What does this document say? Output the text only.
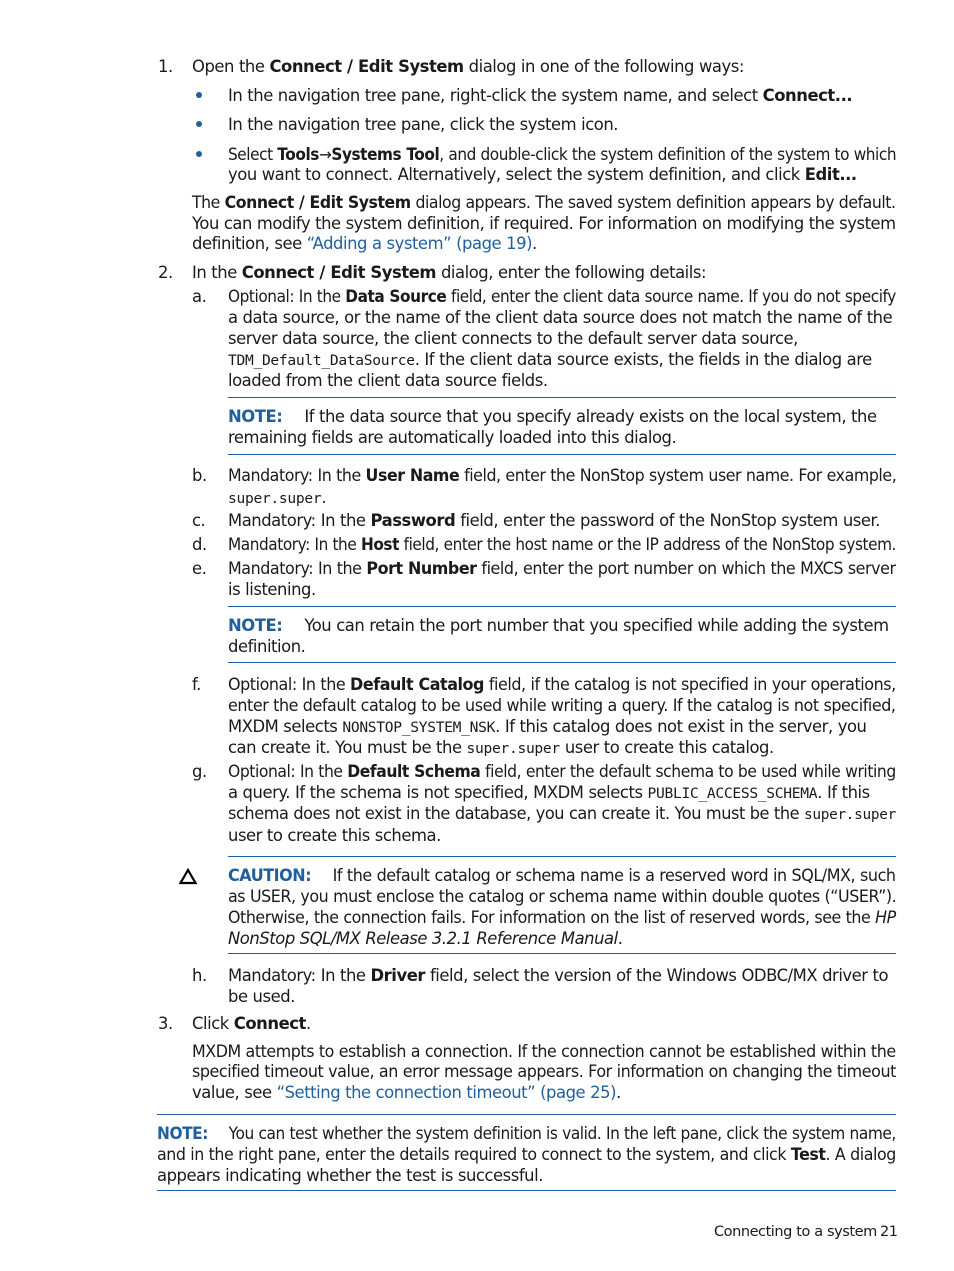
1. Open the Connect / Edit System dialog in one of the following ways:
In the navigation tree pane, right-click the system name, and select Connect...
In the navigation tree pane, click the system icon.
Select Tools→Systems Tool, and double-click the system definition of the system to which
you want to connect. Alternatively, select the system definition, and click Edit...
The Connect / Edit System dialog appears. The saved system definition appears by default.
You can modify the system definition, if required. For information on modifying the system
definition, see “Adding a system” (page 19).
2. In the Connect / Edit System dialog, enter the following details:
a. Optional: In the Data Source field, enter the client data source name. If you do not specify
a data source, or the name of the client data source does not match the name of the
server data source, the client connects to the default server data source,
TDM_Default_DataSource. If the client data source exists, the fields in the dialog are
loaded from the client data source fields.
NOTE: If the data source that you specify already exists on the local system, the
remaining fields are automatically loaded into this dialog.
b. Mandatory: In the User Name field, enter the NonStop system user name. For example,
super.super.
c. Mandatory: In the Password field, enter the password of the NonStop system user.
d. Mandatory: In the Host field, enter the host name or the IP address of the NonStop system.
e. Mandatory: In the Port Number field, enter the port number on which the MXCS server
is listening.
NOTE: You can retain the port number that you specified while adding the system
definition.
f. Optional: In the Default Catalog field, if the catalog is not specified in your operations,
enter the default catalog to be used while writing a query. If the catalog is not specified,
MXDM selects NONSTOP_SYSTEM_NSK. If this catalog does not exist in the server, you
can create it. You must be the super.super user to create this catalog.
g. Optional: In the Default Schema field, enter the default schema to be used while writing
a query. If the schema is not specified, MXDM selects PUBLIC_ACCESS_SCHEMA. If this
schema does not exist in the database, you can create it. You must be the super.super
user to create this schema.
CAUTION: If the default catalog or schema name is a reserved word in SQL/MX, such
as USER, you must enclose the catalog or schema name within double quotes (“USER”).
Otherwise, the connection fails. For information on the list of reserved words, see the HP
NonStop SQL/MX Release 3.2.1 Reference Manual.
h. Mandatory: In the Driver field, select the version of the Windows ODBC/MX driver to
be used.
3. Click Connect.
MXDM attempts to establish a connection. If the connection cannot be established within the
specified timeout value, an error message appears. For information on changing the timeout
value, see “Setting the connection timeout” (page 25).
NOTE: You can test whether the system definition is valid. In the left pane, click the system name,
and in the right pane, enter the details required to connect to the system, and click Test. A dialog
appears indicating whether the test is successful.
Connecting to a system 21
